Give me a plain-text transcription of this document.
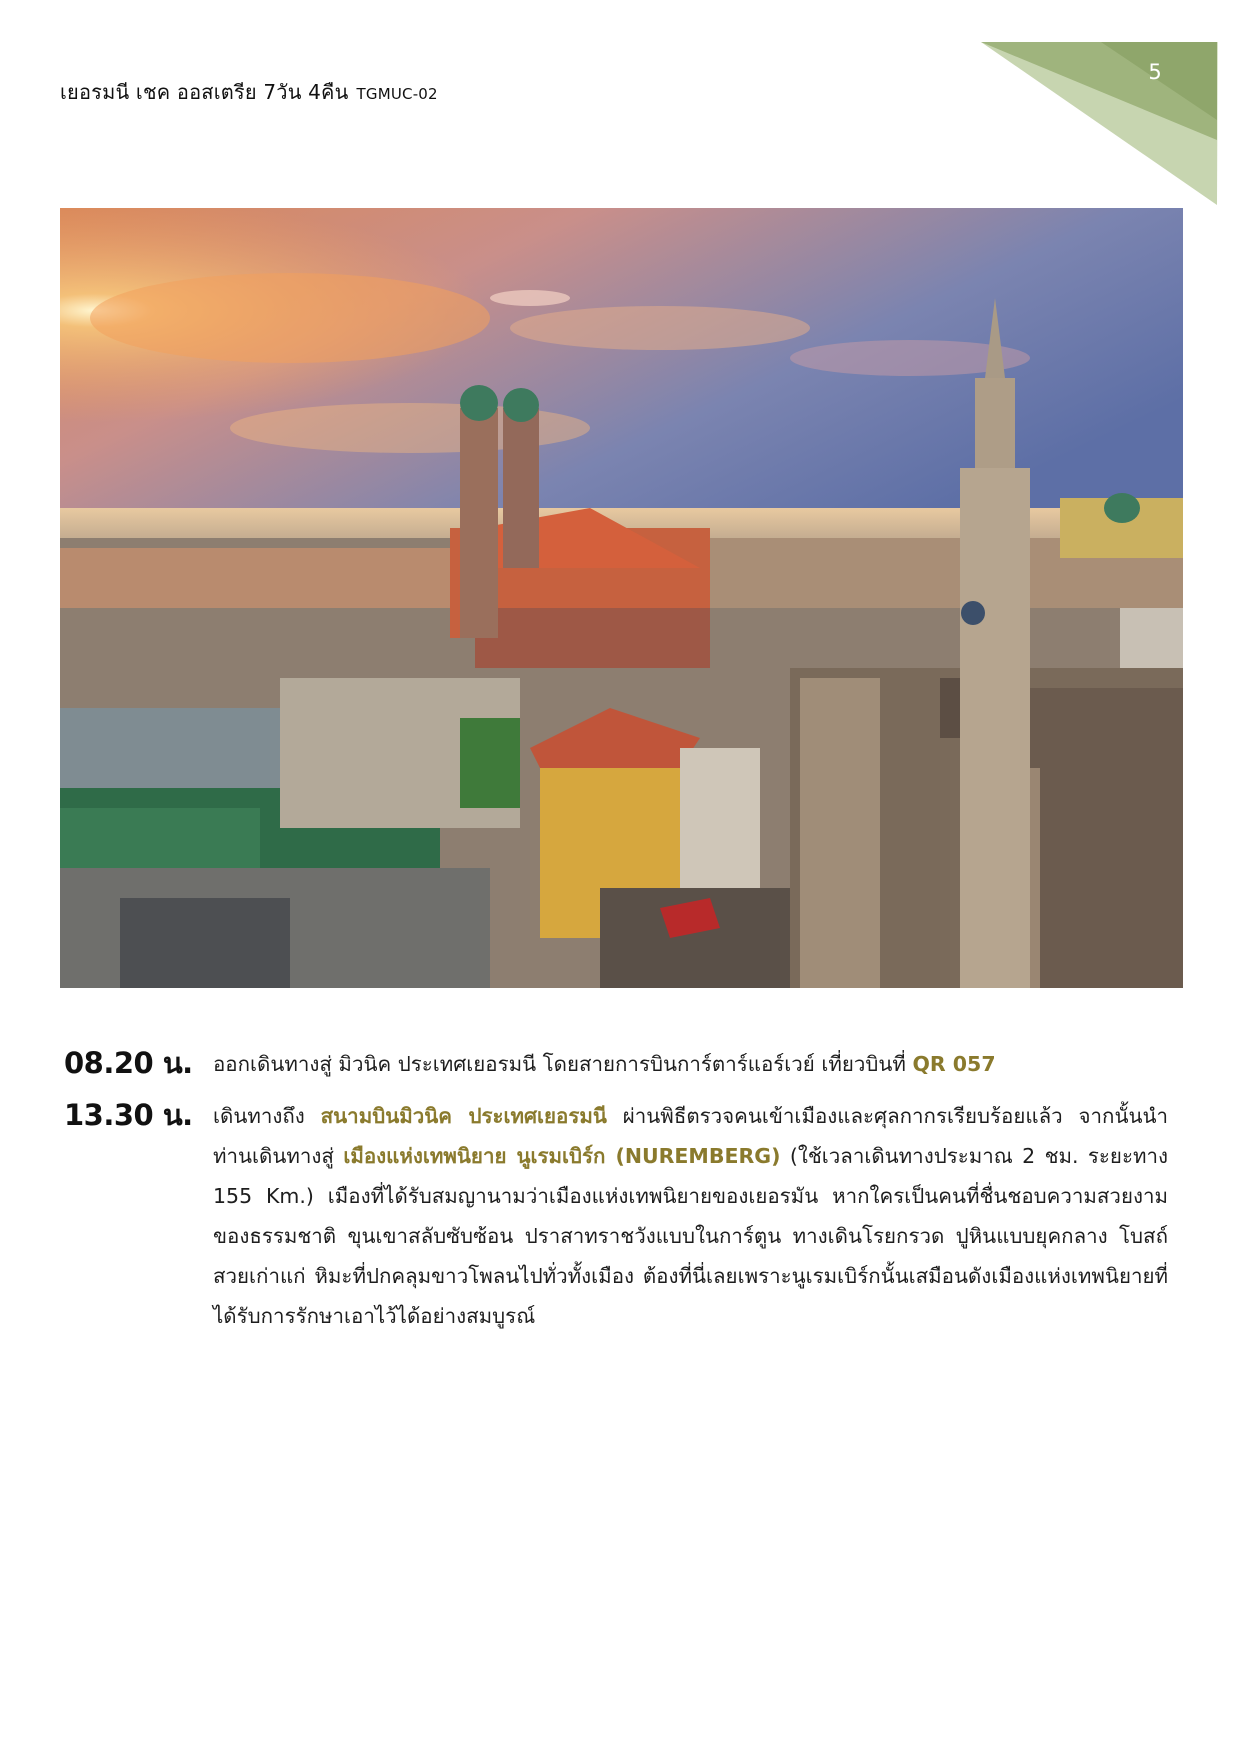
เยอรมนี เชค ออสเตรีย 7วัน 4คืน TGMUC-02
5
08.20 น. ออกเดินทางสู่ มิวนิค ประเทศเยอรมนี โดยสายการบินการ์ตาร์แอร์เวย์ เที่ยวบินที่ QR 057
13.30 น. เดินทางถึง สนามบินมิวนิค ประเทศเยอรมนี ผ่านพิธีตรวจคนเข้าเมืองและศุลกากรเรียบร้อยแล้ว จากนั้นนำท่านเดินทางสู่ เมืองแห่งเทพนิยาย นูเรมเบิร์ก (NUREMBERG) (ใช้เวลาเดินทางประมาณ 2 ชม. ระยะทาง 155 Km.) เมืองที่ได้รับสมญานามว่าเมืองแห่งเทพนิยายของเยอรมัน หากใครเป็นคนที่ชื่นชอบความสวยงามของธรรมชาติ ขุนเขาสลับซับซ้อน ปราสาทราชวังแบบในการ์ตูน ทางเดินโรยกรวด ปูหินแบบยุคกลาง โบสถ์สวยเก่าแก่ หิมะที่ปกคลุมขาวโพลนไปทั่วทั้งเมือง ต้องที่นี่เลยเพราะนูเรมเบิร์กนั้นเสมือนดังเมืองแห่งเทพนิยายที่ได้รับการรักษาเอาไว้ได้อย่างสมบูรณ์
